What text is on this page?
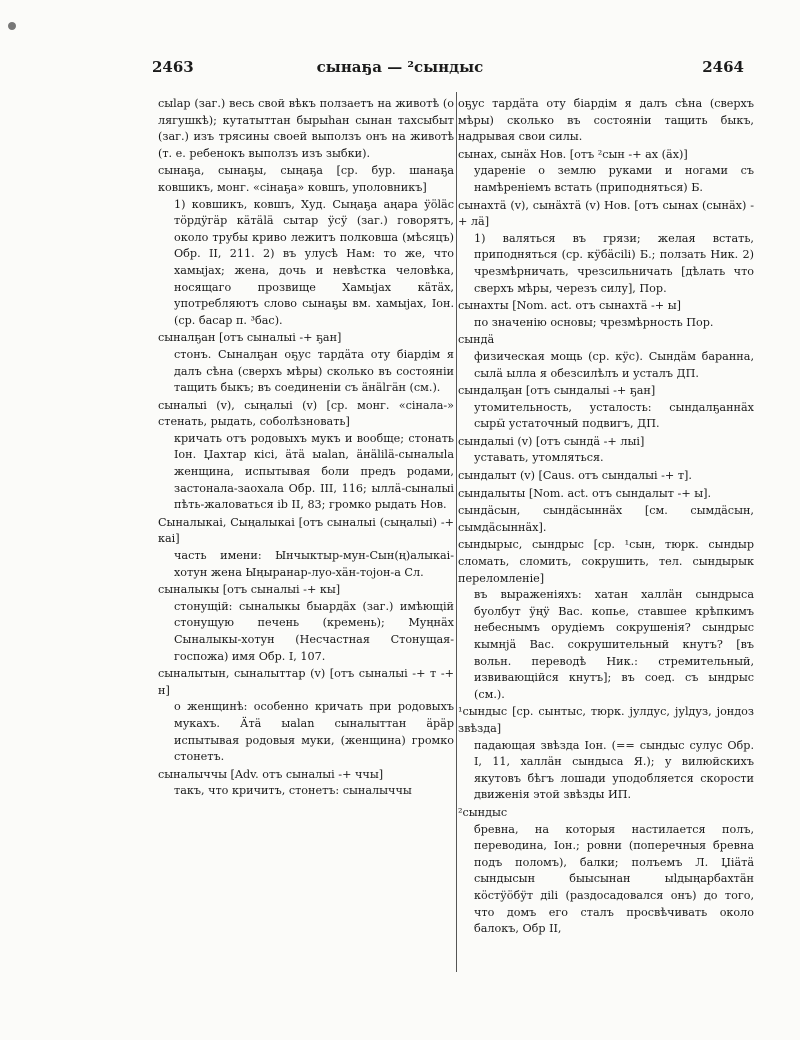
2463	сынаҕа — ²сындыс	2464
сыlар (заг.) весь свой вѣкъ ползаетъ на животѣ (о лягушкѣ); кутатыттан бырыһан сынан тахсыбыт (заг.) изъ трясины своей выползъ онъ на животѣ (т. е. ребенокъ выползъ изъ зыбки).
сынаҕа, сынаҕы, сыңаҕа [ср. бур. шанаҕа ковшикъ, монг. «сінаҕа» ковшъ, уполовникъ]
1) ковшикъ, ковшъ, Худ. Сыңаҕа аңара ӱӧlӓс тӧрдӱгӓр кӓтӓlӓ сытар ӱсӱ (заг.) говорятъ, около трубы криво лежитъ полковша (мѣсяцъ) Обр. II, 211. 2) въ улусѣ Нам: то же, что хамыjах; жена, дочь и невѣстка человѣка, носящаго прозвище Хамыjах кӓтӓх, употребляютъ слово сынаҕы вм. хамыjах, Іон. (ср. басар п. ³бас).
сыналҕан [отъ сыналыі -+ ҕан]
стонъ. Сыналҕан оҕус тардӓта оту бiардiм я далъ сѣна (сверхъ мѣры) сколько въ состояніи тащить быкъ; въ соединеніи съ ӓнӓlгӓн (см.).
сыналыі (v), сыңалыі (v) [ср. монг. «сінала-» стенать, рыдать, соболѣзновать]
кричать отъ родовыхъ мукъ и вообще; стонать Іон. Џахтар кiсi, ӓтӓ ыаlаn, ӓнӓlіlӓ-сыналыlа женщина, испытывая боли предъ родами, застонала-заохала Обр. III, 116; ыллӓ-сыналыі пѣть-жаловаться ib II, 83; громко рыдать Нов.
Сыналыкаі, Сыңалыкаі [отъ сыналыі (сыңалыі) -+ каі]
часть имени: Ынчыктыр-мун-Сын(ң)алыкаі-хотун жена Ыңыранар-луо-хӓн-тоjон-а Сл.
сыналыкы [отъ сыналыі -+ кы]
стонущій: сыналыкы быардӓх (заг.) имѣющій стонущую печень (кремень); Муңнӓх Сыналыкы-хотун (Несчастная Стонущая-госпожа) имя Обр. I, 107.
сыналытын, сыналыттар (v) [отъ сыналыі -+ т -+ н]
о женщинѣ: особенно кричать при родовыхъ мукахъ. Ӓтӓ ыаlаn сыналыттан ӓрӓр испытывая родовыя муки, (женщина) громко стонетъ.
сыналыччы [Adv. отъ сыналыі -+ ччы]
такъ, что кричитъ, стонетъ: сыналыччы
оҕус тардӓта оту бiардiм я далъ сѣна (сверхъ мѣры) сколько въ состояніи тащить быкъ, надрывая свои силы.
сынах, сынӓх Нов. [отъ ²сын -+ ах (ӓх)]
удареніе о землю руками и ногами съ намѣреніемъ встать (приподняться) Б.
сынахтӓ (v), сынӓхтӓ (v) Нов. [отъ сынах (сынӓх) -+ лӓ]
1) валяться въ грязи; желая встать, приподняться (ср. кӱбӓсіlі) Б.; ползать Ник. 2) чрезмѣрничать, чрезсильничать [дѣлать что сверхъ мѣры, черезъ силу], Пор.
сынахты [Nom. act. отъ сынахтӓ -+ ы]
по значенію основы; чрезмѣрность Пор.
сындӓ
физическая мощь (ср. кӱс). Сындӓм баранна, сылӓ ылла я обезсилѣлъ и усталъ ДП.
сындалҕан [отъ сындалыі -+ ҕан]
утомительность, усталость: сындалҕаннӓх сырӹ устаточный подвигъ, ДП.
сындалыі (v) [отъ сындӓ -+ лыі]
уставать, утомляться.
сындалыт (v) [Caus. отъ сындалыі -+ т].
сындалыты [Nom. act. отъ сындалыт -+ ы].
сындӓсын, сындӓсыннӓх [см. сымдӓсын, сымдӓсыннӓх].
сындырыс, сындрыс [ср. ¹сын, тюрк. сындыр сломать, сломить, сокрушить, тел. сындырык переломленіе]
въ выраженіяхъ: хатан халлӓн сындрыса буолбут ӱңӱ Вас. копье, ставшее крѣпкимъ небеснымъ орудіемъ сокрушенія? сындрыс кымнjӓ Вас. сокрушительный кнутъ? [въ вольн. переводѣ Ник.: стремительный, извивающійся кнутъ]; въ соед. съ ындрыс (см.).
¹сындыс [ср. сынтыс, тюрк. јулдус, јуlдуз, јондоз звѣзда]
падающая звѣзда Іон. (== сындыс сулус Обр. I, 11, халлӓн сындыса Я.); у вилюйскихъ якутовъ бѣгъ лошади уподобляется скорости движенія этой звѣзды ИП.
²сындыс
бревна, на которыя настилается полъ, переводина, Іон.; ровни (поперечныя бревна подъ поломъ), балки; полъемъ Л. Џiӓтӓ сындысын быысынан ыlдыңарбахтӓн кӧстӱӧбӱт дilі (раздосадовался онъ) до того, что домъ его сталъ просвѣчивать около балокъ, Обр II,
